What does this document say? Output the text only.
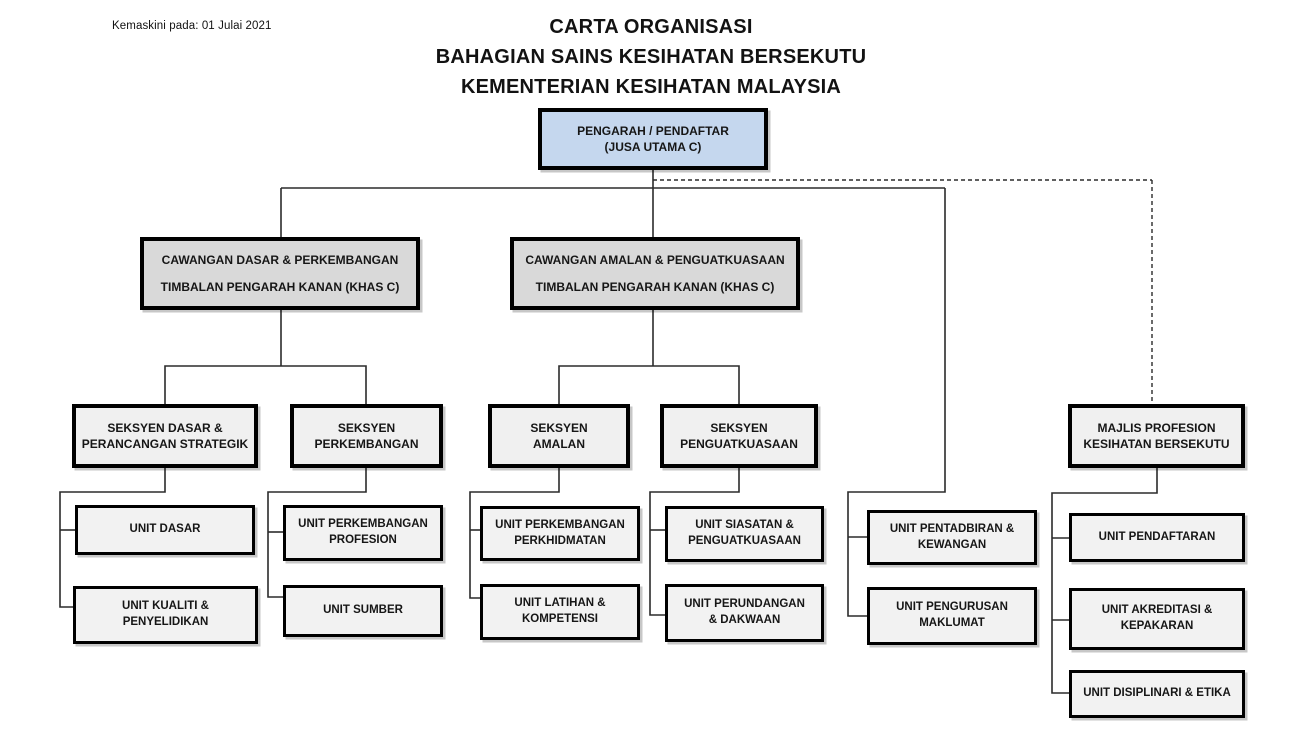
Kemaskini pada: 01 Julai 2021	CARTA ORGANISASI
BAHAGIAN SAINS KESIHATAN BERSEKUTU
KEMENTERIAN KESIHATAN MALAYSIA
PENGARAH / PENDAFTAR
(JUSA UTAMA C)
CAWANGAN DASAR & PERKEMBANGAN
TIMBALAN PENGARAH KANAN (KHAS C)
CAWANGAN AMALAN & PENGUATKUASAAN
TIMBALAN PENGARAH KANAN (KHAS C)
SEKSYEN DASAR &
PERANCANGAN STRATEGIK
SEKSYEN
PERKEMBANGAN
SEKSYEN
AMALAN
SEKSYEN
PENGUATKUASAAN
MAJLIS PROFESION
KESIHATAN BERSEKUTU
UNIT DASAR
UNIT KUALITI &
PENYELIDIKAN
UNIT PERKEMBANGAN
PROFESION
UNIT SUMBER
UNIT PERKEMBANGAN
PERKHIDMATAN
UNIT LATIHAN &
KOMPETENSI
UNIT SIASATAN &
PENGUATKUASAAN
UNIT PERUNDANGAN
& DAKWAAN
UNIT PENTADBIRAN &
KEWANGAN
UNIT PENGURUSAN
MAKLUMAT
UNIT PENDAFTARAN
UNIT AKREDITASI &
KEPAKARAN
UNIT DISIPLINARI & ETIKA
